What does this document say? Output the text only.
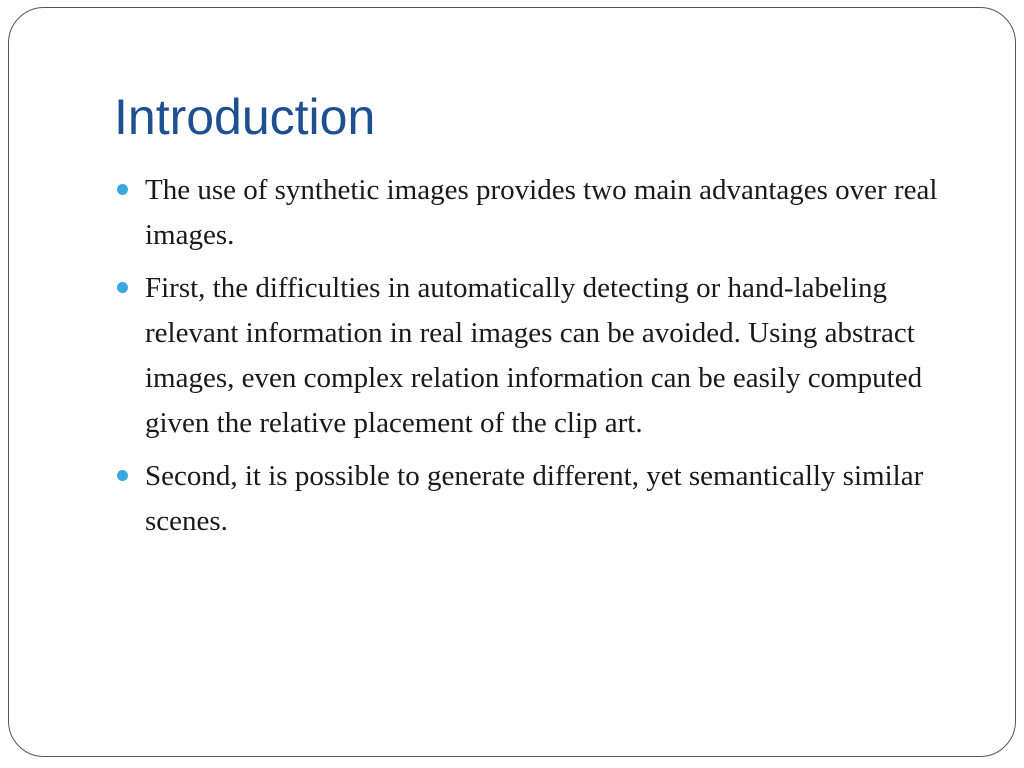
Introduction
The use of synthetic images provides two main advantages over real images.
First, the difficulties in automatically detecting or hand-labeling relevant information in real images can be avoided. Using abstract images, even complex relation information can be easily computed given the relative placement of the clip art.
Second, it is possible to generate different, yet semantically similar scenes.
